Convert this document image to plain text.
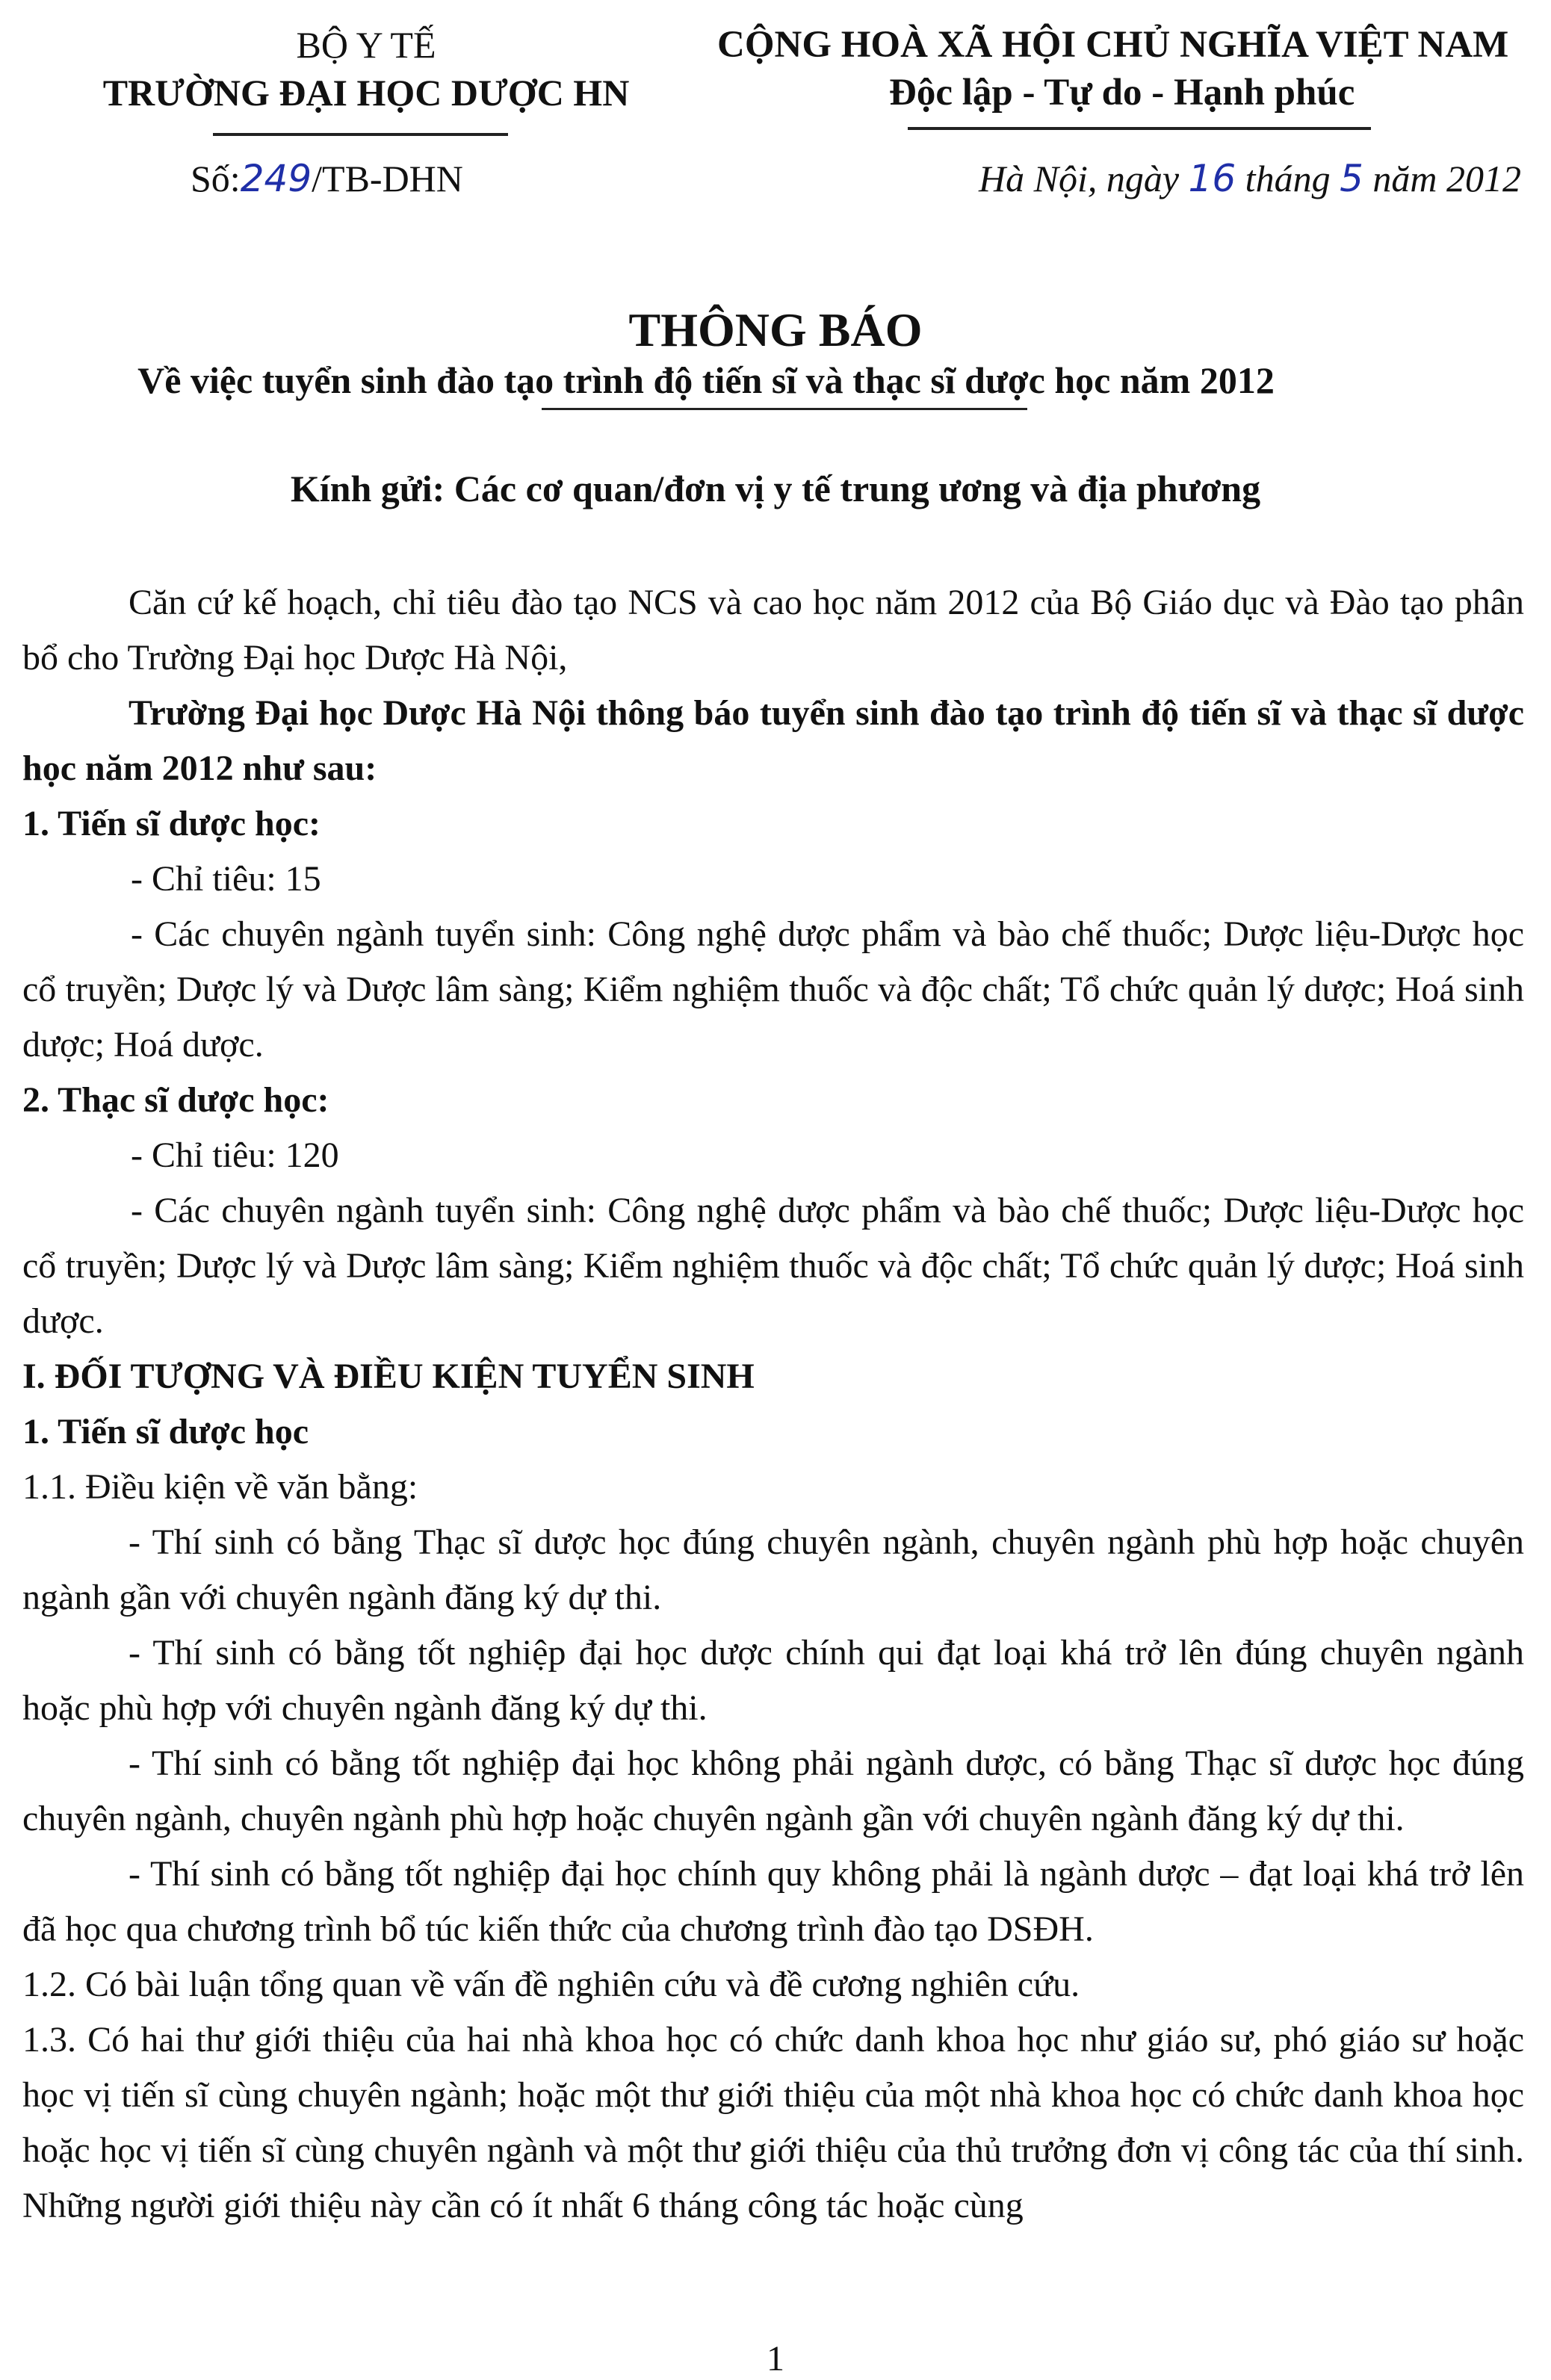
BỘ Y TẾ
TRƯỜNG ĐẠI HỌC DƯỢC HN
CỘNG HOÀ XÃ HỘI CHỦ NGHĨA VIỆT NAM
Độc lập - Tự do - Hạnh phúc
Số:249/TB-DHN	Hà Nội, ngày 16 tháng 5 năm 2012
THÔNG BÁO
Về việc tuyển sinh đào tạo trình độ tiến sĩ và thạc sĩ dược học năm 2012
Kính gửi: Các cơ quan/đơn vị y tế trung ương và địa phương

Căn cứ kế hoạch, chỉ tiêu đào tạo NCS và cao học năm 2012 của Bộ Giáo dục và Đào tạo phân bổ cho Trường Đại học Dược Hà Nội,

Trường Đại học Dược Hà Nội thông báo tuyển sinh đào tạo trình độ tiến sĩ và thạc sĩ dược học năm 2012 như sau:

1. Tiến sĩ dược học:

- Chỉ tiêu: 15

- Các chuyên ngành tuyển sinh: Công nghệ dược phẩm và bào chế thuốc; Dược liệu-Dược học cổ truyền; Dược lý và Dược lâm sàng; Kiểm nghiệm thuốc và độc chất; Tổ chức quản lý dược; Hoá sinh dược; Hoá dược.

2. Thạc sĩ dược học:

- Chỉ tiêu: 120

- Các chuyên ngành tuyển sinh: Công nghệ dược phẩm và bào chế thuốc; Dược liệu-Dược học cổ truyền; Dược lý và Dược lâm sàng; Kiểm nghiệm thuốc và độc chất; Tổ chức quản lý dược; Hoá sinh dược.

I. ĐỐI TƯỢNG VÀ ĐIỀU KIỆN TUYỂN SINH

1. Tiến sĩ dược học

1.1. Điều kiện về văn bằng:

- Thí sinh có bằng Thạc sĩ dược học đúng chuyên ngành, chuyên ngành phù hợp hoặc chuyên ngành gần với chuyên ngành đăng ký dự thi.

- Thí sinh có bằng tốt nghiệp đại học dược chính qui đạt loại khá trở lên đúng chuyên ngành hoặc phù hợp với chuyên ngành đăng ký dự thi.

- Thí sinh có bằng tốt nghiệp đại học không phải ngành dược, có bằng Thạc sĩ dược học đúng chuyên ngành, chuyên ngành phù hợp hoặc chuyên ngành gần với chuyên ngành đăng ký dự thi.

- Thí sinh có bằng tốt nghiệp đại học chính quy không phải là ngành dược – đạt loại khá trở lên đã học qua chương trình bổ túc kiến thức của chương trình đào tạo DSĐH.

1.2. Có bài luận tổng quan về vấn đề nghiên cứu và đề cương nghiên cứu.

1.3. Có hai thư giới thiệu của hai nhà khoa học có chức danh khoa học như giáo sư, phó giáo sư hoặc học vị tiến sĩ cùng chuyên ngành; hoặc một thư giới thiệu của một nhà khoa học có chức danh khoa học hoặc học vị tiến sĩ cùng chuyên ngành và một thư giới thiệu của thủ trưởng đơn vị công tác của thí sinh. Những người giới thiệu này cần có ít nhất 6 tháng công tác hoặc cùng

1
